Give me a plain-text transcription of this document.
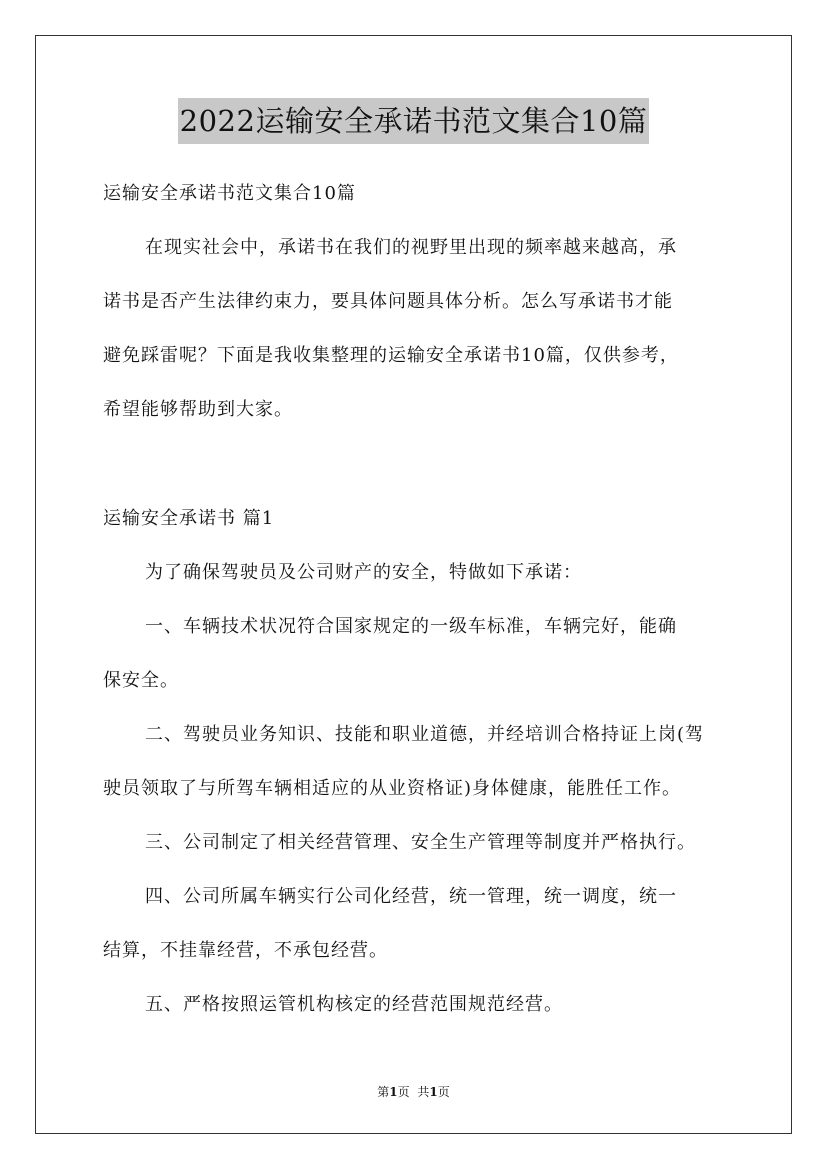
2022运输安全承诺书范文集合10篇
运输安全承诺书范文集合10篇
在现实社会中，承诺书在我们的视野里出现的频率越来越高，承
诺书是否产生法律约束力，要具体问题具体分析。怎么写承诺书才能
避免踩雷呢？下面是我收集整理的运输安全承诺书10篇，仅供参考，
希望能够帮助到大家。
运输安全承诺书 篇1
为了确保驾驶员及公司财产的安全，特做如下承诺：
一、车辆技术状况符合国家规定的一级车标准，车辆完好，能确
保安全。
二、驾驶员业务知识、技能和职业道德，并经培训合格持证上岗(驾
驶员领取了与所驾车辆相适应的从业资格证)身体健康，能胜任工作。
三、公司制定了相关经营管理、安全生产管理等制度并严格执行。
四、公司所属车辆实行公司化经营，统一管理，统一调度，统一
结算，不挂靠经营，不承包经营。
五、严格按照运管机构核定的经营范围规范经营。
第1页 共1页
